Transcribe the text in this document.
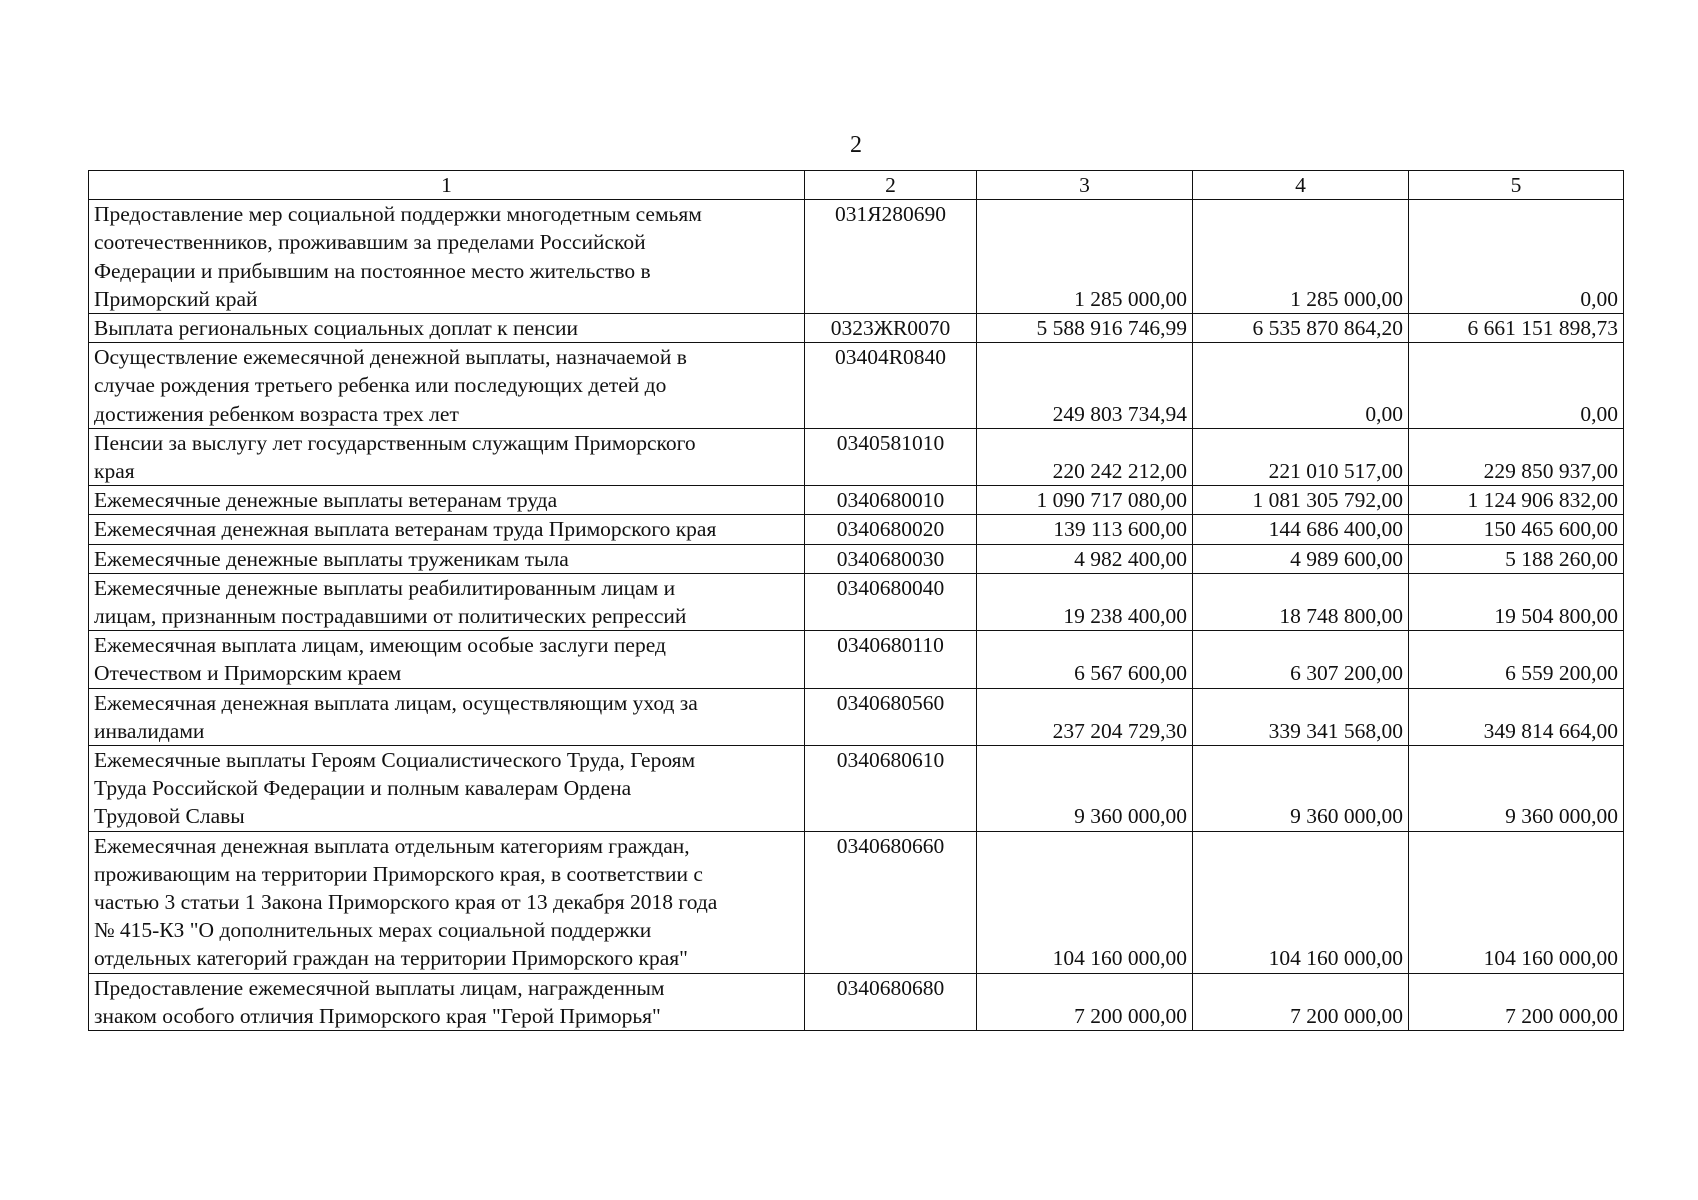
2
1	2	3	4	5
Предоставление мер социальной поддержки многодетным семьям
соотечественников, проживавшим за пределами Российской
Федерации и прибывшим на постоянное место жительство в
Приморский край	031Я280690	1 285 000,00	1 285 000,00	0,00
Выплата региональных социальных доплат к пенсии	0323ЖR0070	5 588 916 746,99	6 535 870 864,20	6 661 151 898,73
Осуществление ежемесячной денежной выплаты, назначаемой в
случае рождения третьего ребенка или последующих детей до
достижения ребенком возраста трех лет	03404R0840	249 803 734,94	0,00	0,00
Пенсии за выслугу лет государственным служащим Приморского
края	0340581010	220 242 212,00	221 010 517,00	229 850 937,00
Ежемесячные денежные выплаты ветеранам труда	0340680010	1 090 717 080,00	1 081 305 792,00	1 124 906 832,00
Ежемесячная денежная выплата ветеранам труда Приморского края	0340680020	139 113 600,00	144 686 400,00	150 465 600,00
Ежемесячные денежные выплаты труженикам тыла	0340680030	4 982 400,00	4 989 600,00	5 188 260,00
Ежемесячные денежные выплаты реабилитированным лицам и
лицам, признанным пострадавшими от политических репрессий	0340680040	19 238 400,00	18 748 800,00	19 504 800,00
Ежемесячная выплата лицам, имеющим особые заслуги перед
Отечеством и Приморским краем	0340680110	6 567 600,00	6 307 200,00	6 559 200,00
Ежемесячная денежная выплата лицам, осуществляющим уход за
инвалидами	0340680560	237 204 729,30	339 341 568,00	349 814 664,00
Ежемесячные выплаты Героям Социалистического Труда, Героям
Труда Российской Федерации и полным кавалерам Ордена
Трудовой Славы	0340680610	9 360 000,00	9 360 000,00	9 360 000,00
Ежемесячная денежная выплата отдельным категориям граждан,
проживающим на территории Приморского края, в соответствии с
частью 3 статьи 1 Закона Приморского края от 13 декабря 2018 года
№ 415-КЗ "О дополнительных мерах социальной поддержки
отдельных категорий граждан на территории Приморского края"	0340680660	104 160 000,00	104 160 000,00	104 160 000,00
Предоставление ежемесячной выплаты лицам, награжденным
знаком особого отличия Приморского края "Герой Приморья"	0340680680	7 200 000,00	7 200 000,00	7 200 000,00
